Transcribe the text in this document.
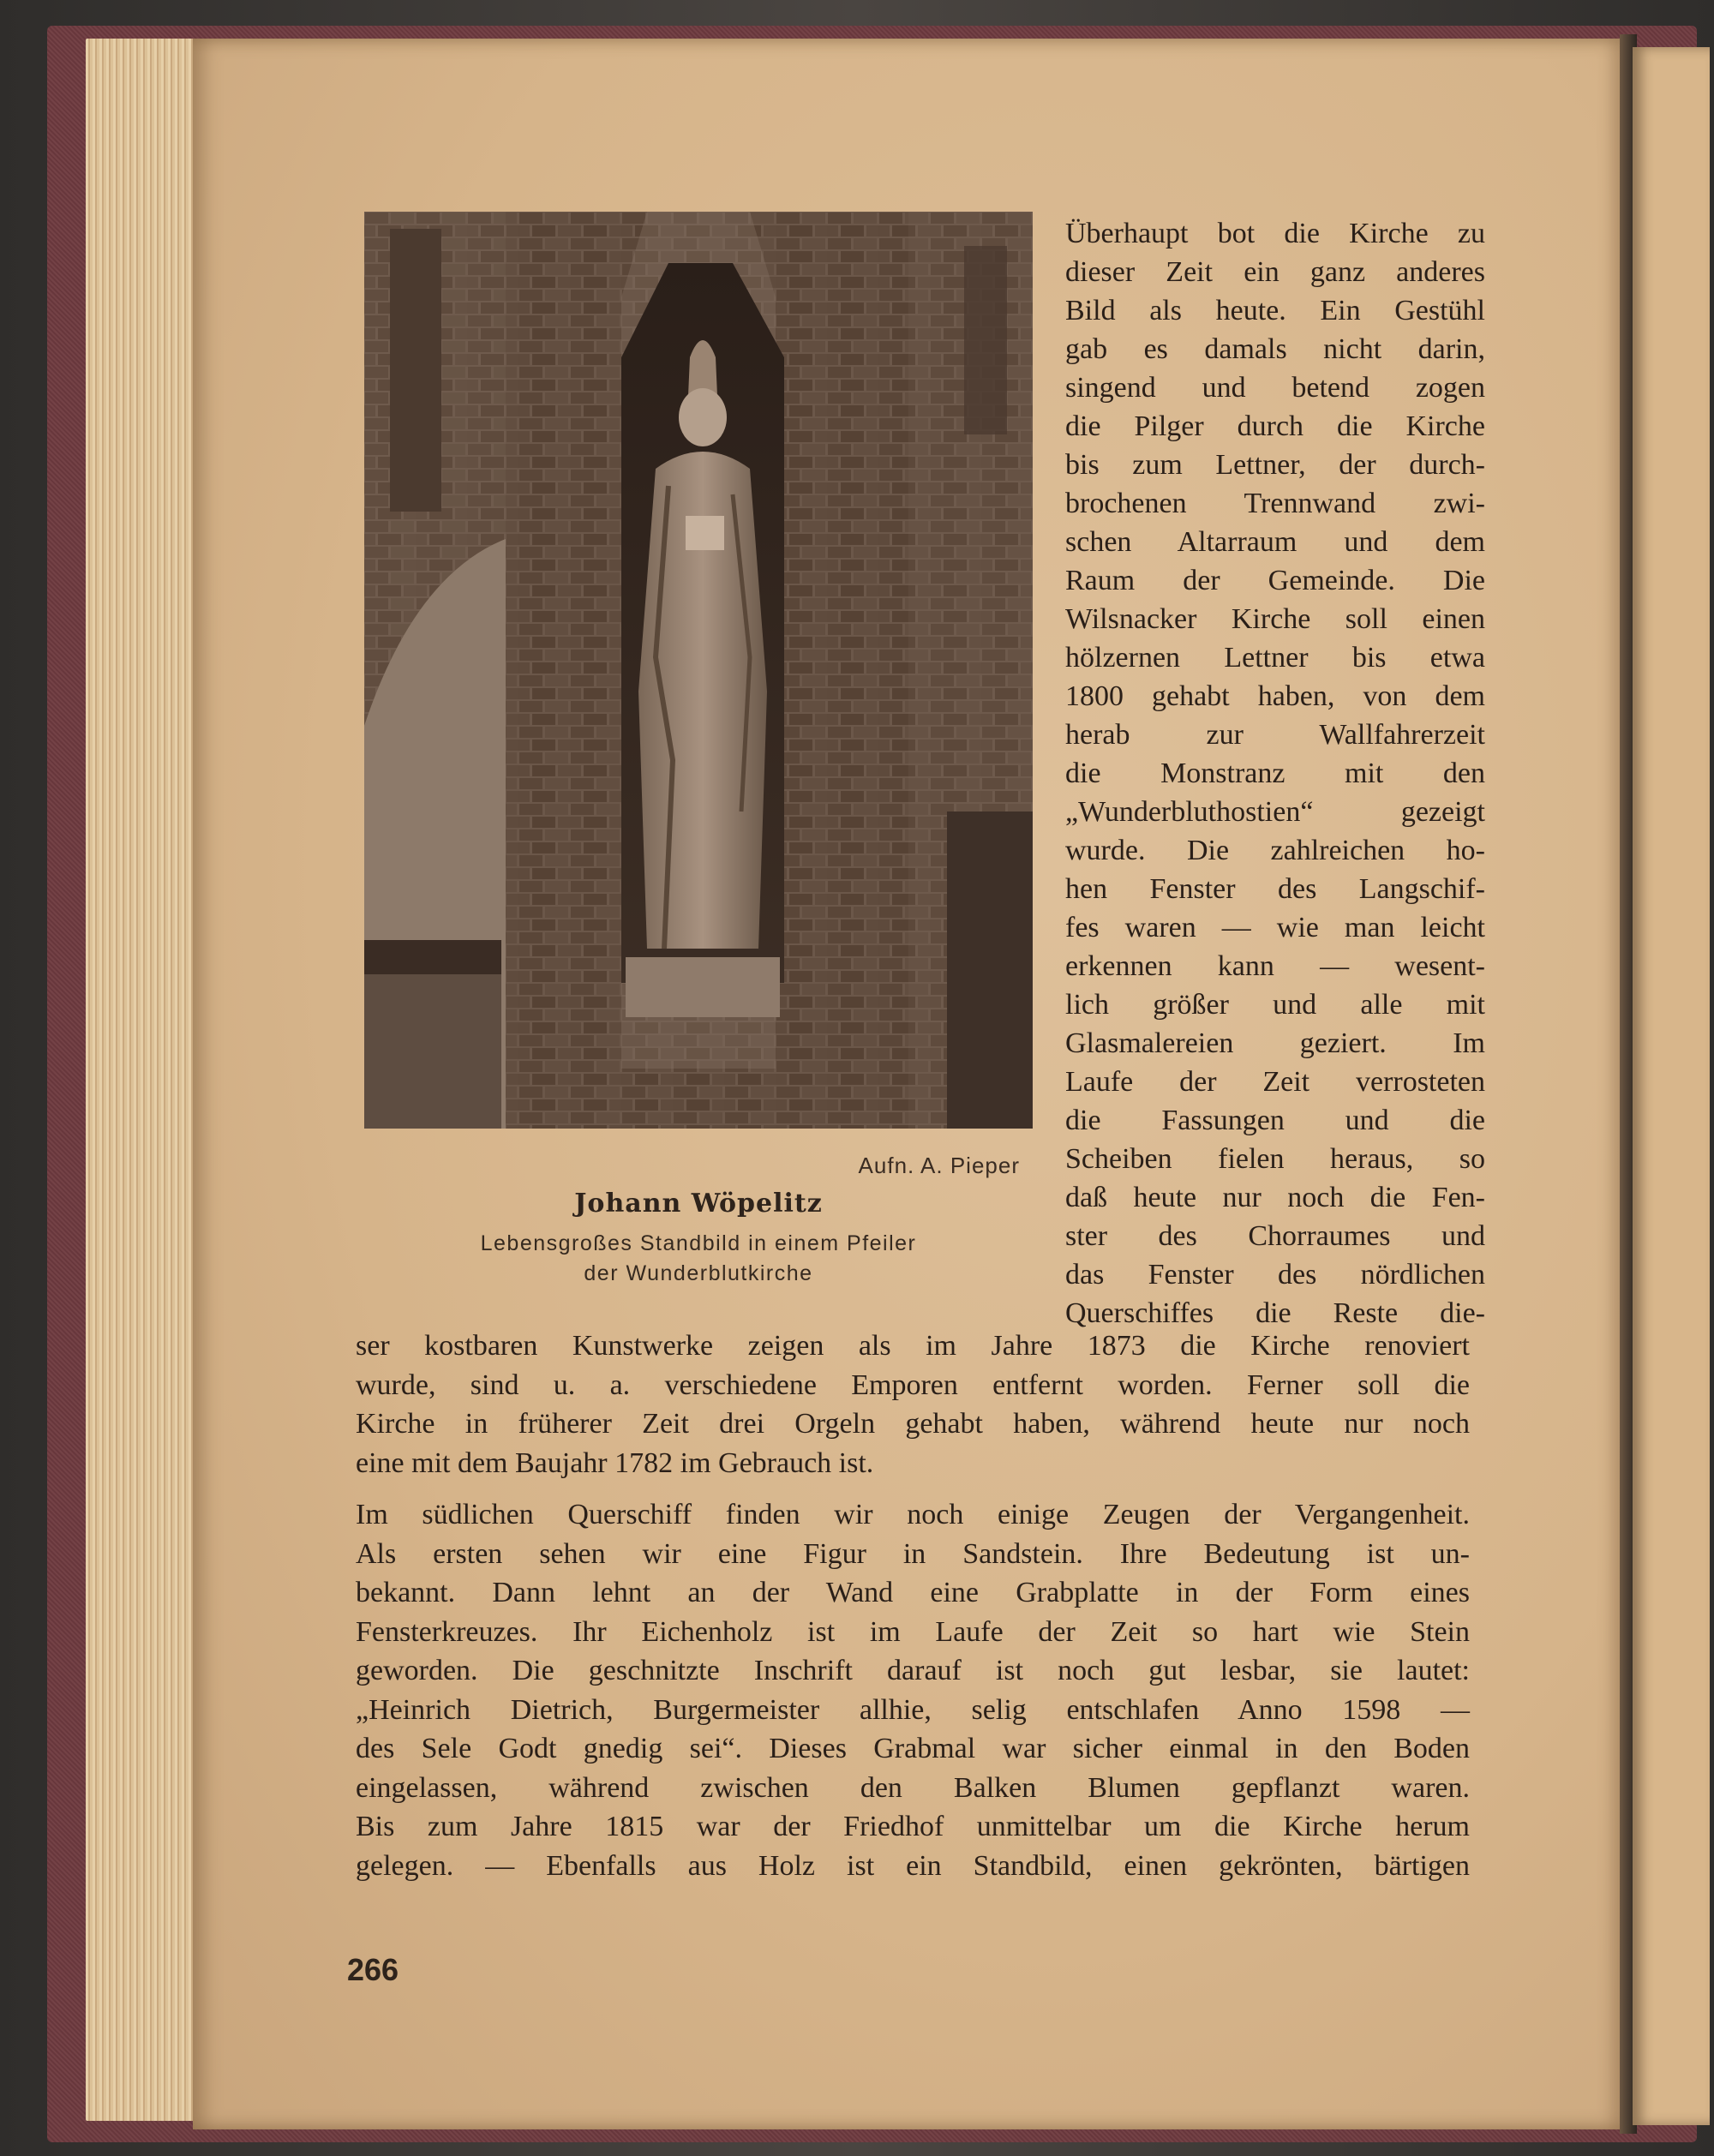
Aufn. A. Pieper
Johann Wöpelitz
Lebensgroßes Standbild in einem Pfeiler
der Wunderblutkirche
Überhaupt bot die Kirche zu
dieser Zeit ein ganz anderes
Bild als heute. Ein Gestühl
gab es damals nicht darin,
singend und betend zogen
die Pilger durch die Kirche
bis zum Lettner, der durch-
brochenen Trennwand zwi-
schen Altarraum und dem
Raum der Gemeinde. Die
Wilsnacker Kirche soll einen
hölzernen Lettner bis etwa
1800 gehabt haben, von dem
herab zur Wallfahrerzeit
die Monstranz mit den
„Wunderbluthostien“ gezeigt
wurde. Die zahlreichen ho-
hen Fenster des Langschif-
fes waren — wie man leicht
erkennen kann — wesent-
lich größer und alle mit
Glasmalereien geziert. Im
Laufe der Zeit verrosteten
die Fassungen und die
Scheiben fielen heraus, so
daß heute nur noch die Fen-
ster des Chorraumes und
das Fenster des nördlichen
Querschiffes die Reste die-
ser kostbaren Kunstwerke zeigen als im Jahre 1873 die Kirche renoviert
wurde, sind u. a. verschiedene Emporen entfernt worden. Ferner soll die
Kirche in früherer Zeit drei Orgeln gehabt haben, während heute nur noch
eine mit dem Baujahr 1782 im Gebrauch ist.
Im südlichen Querschiff finden wir noch einige Zeugen der Vergangenheit.
Als ersten sehen wir eine Figur in Sandstein. Ihre Bedeutung ist un-
bekannt. Dann lehnt an der Wand eine Grabplatte in der Form eines
Fensterkreuzes. Ihr Eichenholz ist im Laufe der Zeit so hart wie Stein
geworden. Die geschnitzte Inschrift darauf ist noch gut lesbar, sie lautet:
„Heinrich Dietrich, Burgermeister allhie, selig entschlafen Anno 1598 —
des Sele Godt gnedig sei“. Dieses Grabmal war sicher einmal in den Boden
eingelassen, während zwischen den Balken Blumen gepflanzt waren.
Bis zum Jahre 1815 war der Friedhof unmittelbar um die Kirche herum
gelegen. — Ebenfalls aus Holz ist ein Standbild, einen gekrönten, bärtigen
266
